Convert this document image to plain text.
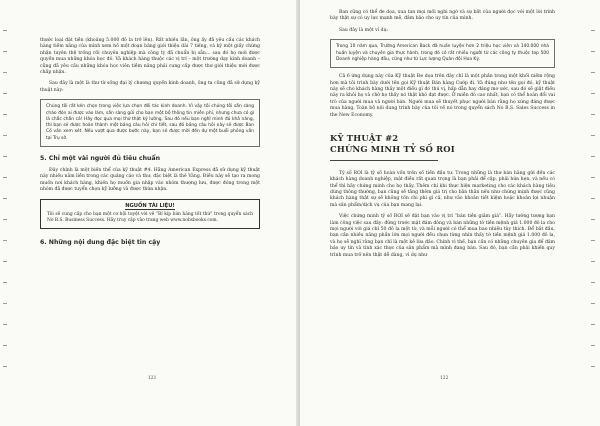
thước loại đặt tiền (khoảng 5.000 đô la trở lên). Rất nhiều lần, ông ấy đã yêu cầu các khách hàng tiềm năng của mình xem hồ một đoạn băng giới thiệu dài 7 tiếng, và kỷ một giấy chứng nhận tuyên thệ trống rồi chuyên nghiệp mà công ty đã chuẩn bị sẵn… sau đó họ mới được quyền mua những khóa học đó. Và khách hàng thuộc các vị trí – một trường dạy kinh doanh – cũng đã yêu cầu những khóa học viên tiềm năng phải cung cấp được thư giới thiệu mới được chấp nhận.

Sau đây là một là thư từ sống đại lý chương quyền kinh doanh, ông ta cũng đã sử dụng kỹ thuật này:

Chúng tôi rất kén chọn trong việc lựa chọn đối tác kinh doanh. Vì vậy tôi chúng tôi sẵn sàng chào đón ai được vào làm, sẵn sàng gửi cho bạn một bộ thông tin miễn phí, nhưng chưa có gì là chắc chắn cả! Hãy đọc qua mọi thứ thật kỹ lưỡng. Sau đó nếu bạn nghĩ mình đủ khả năng, thì bạn sẽ được hoàn thành một bảng câu hỏi chi tiết, sau đó bảng câu hỏi này sẽ được Ban Cố vấn xem xét. Nếu vượt qua được bước này, bạn sẽ được mời đến dự một buổi phỏng vấn tại Trụ sở.

5. Chỉ một vài người đủ tiêu chuẩn

Đây chính là một biến thể của kỹ thuật #4. Hãng American Express đã sử dụng kỹ thuật này nhiều năm liền trong các quảng cáo và thư, đặc biệt là thẻ Vàng. Điều này sẽ tạo ra mong muốn nơi khách hàng, khiến họ muốn gia nhập vào nhóm thượng lưu, được đóng trong một nhóm đã được tuyển chọn kỹ lưỡng và được thừa nhận.

NGUỒN TÀI LIỆU!

Tôi sẽ cung cấp cho bạn một cơ hội tuyệt vời về “Bí kíp bán hàng tốt thứ” trong quyển sách No B.S. Business Success. Hãy truy cập vào trang web www.nobsbooks.com.

6. Những nội dung đặc biệt tin cậy
121

Ban cũng có thể đe dọa, xua tan mọi mối nghi ngờ và sự bất của người đọc với một lời trình bày thật sự có uy lực mạnh mẽ, đảm bảo cho uy tín của mình.

Sau đây là một ví dụ:

Trong 10 năm qua, Trường American Back đã huấn luyện hơn 2 triệu học viên và 140.000 nhà huấn luyện và chuyên gia thực hành, trong đó có rất nhiều người từ các công ty thuộc top 500 Doanh nghiệp hàng đầu, cũng như từ Lực lượng Quân đội Hoa Kỳ.

Cả 6 ứng dụng này của Kỹ thuật Đe dọa trên đây chỉ là một phần trong một khối niềm rộng hơn mà tôi trình bày dưới tên gọi Kỹ thuật Bán hàng Cướp đi. Và đúng như tên gọi đó, kỹ thuật này sẽ cho khách hàng thấy một điều gì đó thú vị, hấp dẫn hay đáng mơ ước, sau đó sẽ giật điều này ra khỏi họ và chờ họ thấy nó thật khó đạt được. Ở miền đó cao nhất, bạn có thể hoàn đổi vai trò của người mua và người bán. Người mua sẽ thuyết phục người bán rằng họ xứng đáng được mua hàng. Toàn bộ nội dung trình bày của tôi về nó trong quyển sách No B.S. Sales Success in the New Economy.

KỸ THUẬT #2
CHỨNG MINH TỶ SỐ ROI

Tỷ số ROI là tỷ số hoàn vốn trên số tiền đầu tư. Trong những là thư bán hàng gửi đến các khách hàng doanh nghiệp, mặt điều rất quan trọng là bạn phải để cập, phải hứa hẹn, và nếu có thể thì hãy chứng minh cho họ thấy. Thêm chí khi thực hiện marketing cho các khách hàng tiêu dùng thông thường, bạn cũng sẽ tăng thêm giá trị cho bản thân nếu như chứng minh được cũng khách hàng thật sự sẽ không tốn chi phí gì cả, như vào khoản tiết kiệm hoặc khoản lợi nhuận mà sản phẩm/dịch vụ của bạn mang lại.

Việc chứng minh tỷ số ROI sẽ đặt bạn vào vị trí “bán tiền giảm giá”. Hãy tưởng tượng bạn làm công việc sau đây: đứng trước mặt đám đông và bán những tờ tiền mệnh giá 1.000 đô la cho mọi người với giá chỉ 50 đô la một tờ, và mỗi người có thể mua bao nhiêu tùy thích. Để bắt đầu, bạn cần nhiều năng phần lớn mọi người đều chưa từng nhìn thấy tờ tiền mệnh giá 1.000 đô la, và họ sẽ nghĩ rằng bạn chỉ là một kẻ lừa đảo. Chính vì thế, bạn cần có những chuyên gia để đảm bảo uy tín và tính xác thực của sản phẩm mà mình đang bán. Sau đó, bạn cần phải khiến quy trình mua trở nên thật dễ dàng, vì dụ như

122
